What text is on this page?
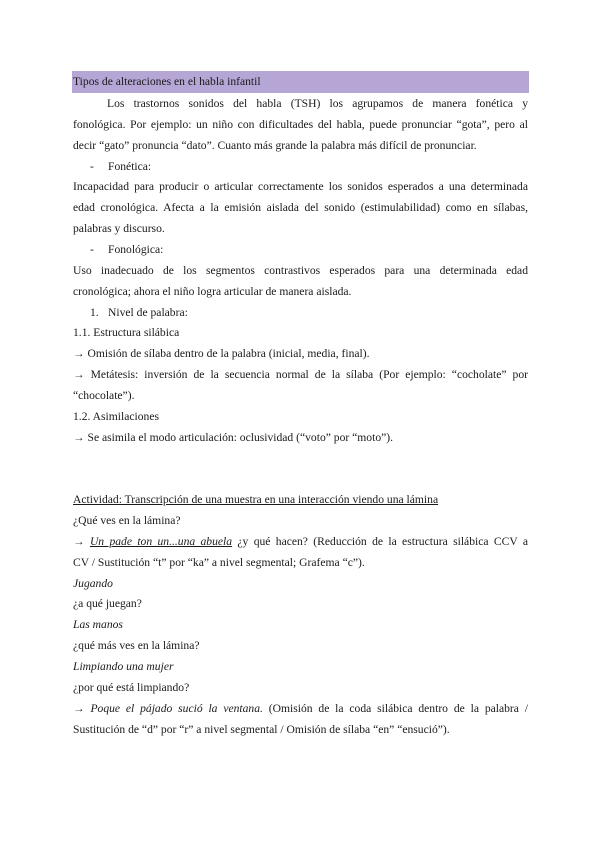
Tipos de alteraciones en el habla infantil
Los trastornos sonidos del habla (TSH) los agrupamos de manera fonética y
fonológica. Por ejemplo: un niño con dificultades del habla, puede pronunciar “gota”, pero al
decir “gato” pronuncia “dato”. Cuanto más grande la palabra más difícil de pronunciar.
- Fonética:
Incapacidad para producir o articular correctamente los sonidos esperados a una determinada
edad cronológica. Afecta a la emisión aislada del sonido (estimulabilidad) como en sílabas,
palabras y discurso.
- Fonológica:
Uso inadecuado de los segmentos contrastivos esperados para una determinada edad
cronológica; ahora el niño logra articular de manera aislada.
1. Nivel de palabra:
1.1. Estructura silábica
→ Omisión de sílaba dentro de la palabra (inicial, media, final).
→ Metátesis: inversión de la secuencia normal de la sílaba (Por ejemplo: “cocholate” por
“chocolate”).
1.2. Asimilaciones
→ Se asimila el modo articulación: oclusividad (“voto” por “moto”).
Actividad: Transcripción de una muestra en una interacción viendo una lámina
¿Qué ves en la lámina?
→ Un pade ton un...una abuela ¿y qué hacen? (Reducción de la estructura silábica CCV a
CV / Sustitución “t” por “ka” a nivel segmental; Grafema “c”).
Jugando
¿a qué juegan?
Las manos
¿qué más ves en la lámina?
Limpiando una mujer
¿por qué está limpiando?
→ Poque el pájado sució la ventana. (Omisión de la coda silábica dentro de la palabra /
Sustitución de “d” por “r” a nivel segmental / Omisión de sílaba “en” “ensució”).
